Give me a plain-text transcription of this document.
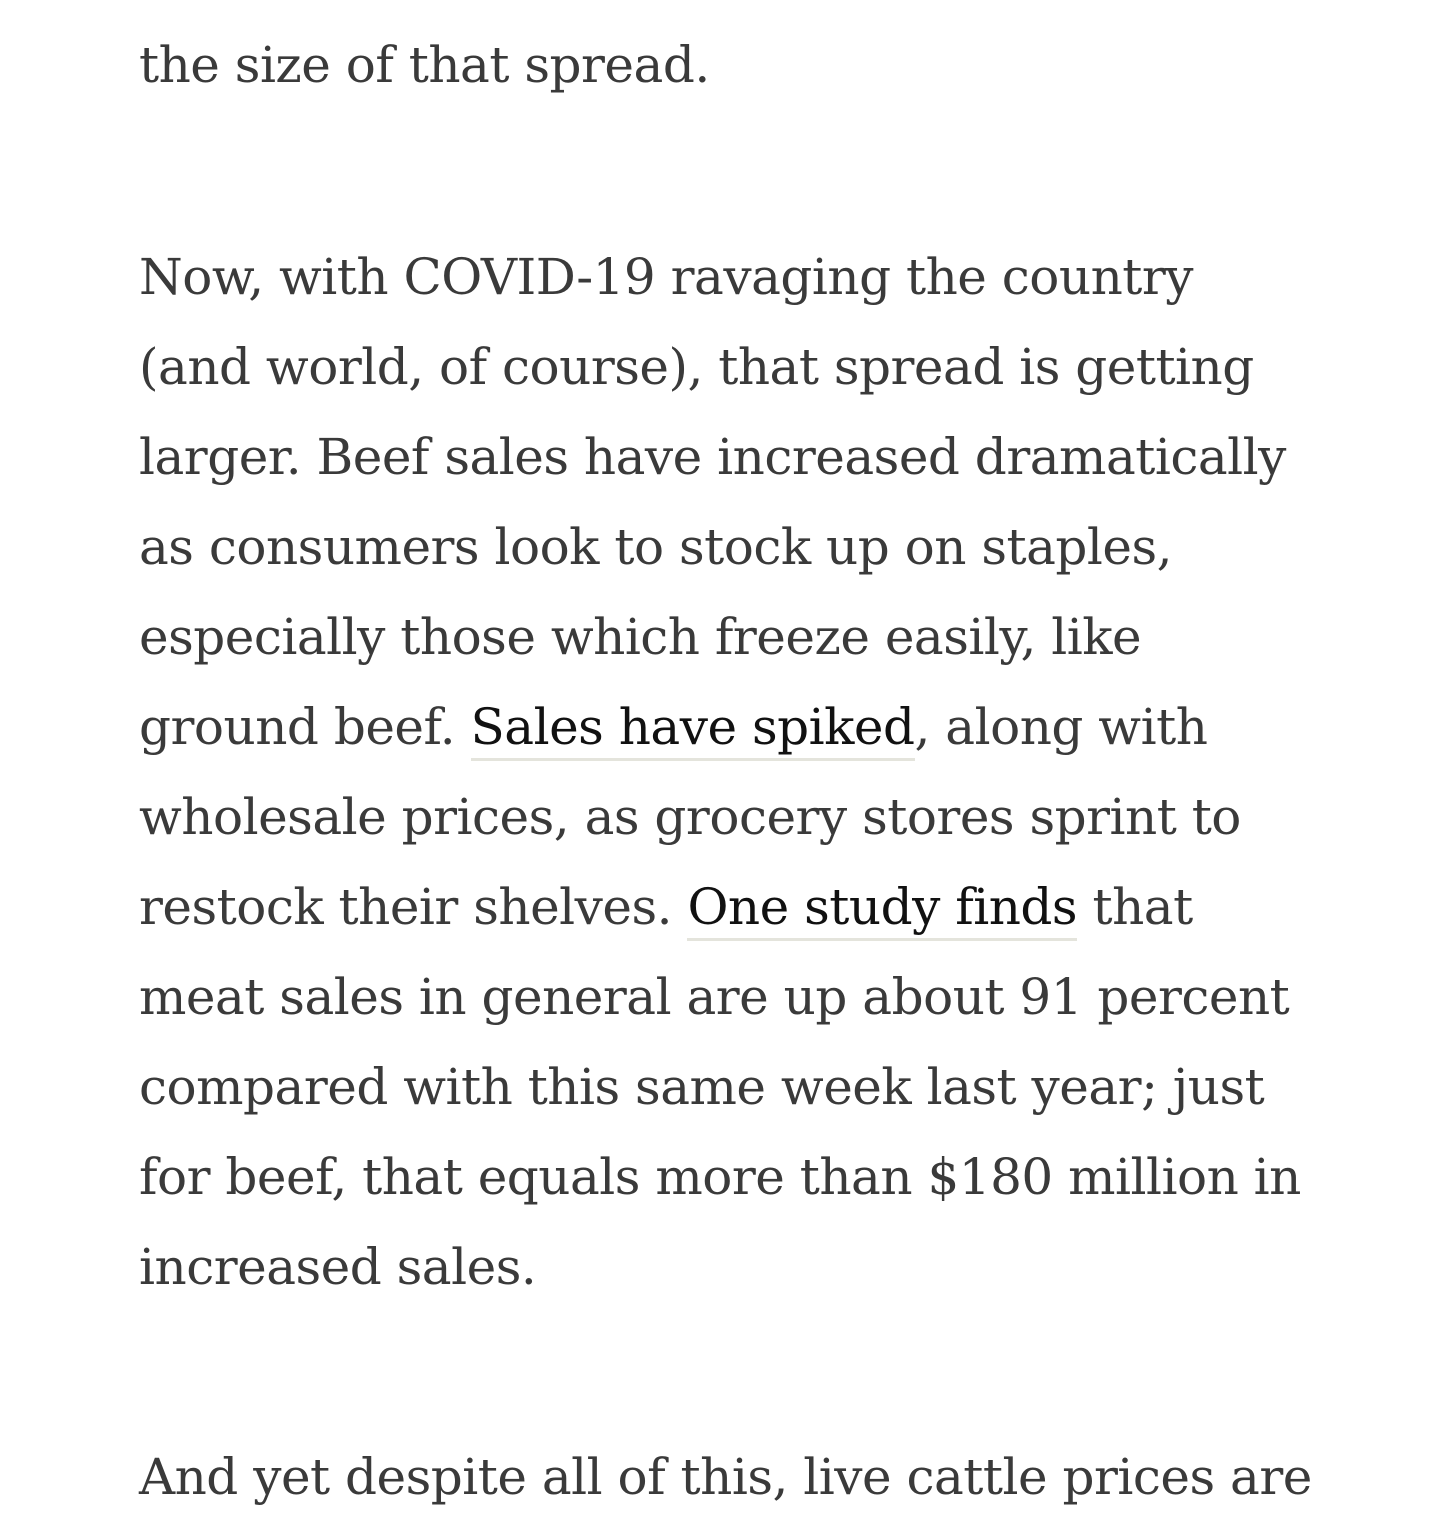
the size of that spread.
Now, with COVID-19 ravaging the country
(and world, of course), that spread is getting
larger. Beef sales have increased dramatically
as consumers look to stock up on staples,
especially those which freeze easily, like
ground beef. Sales have spiked, along with
wholesale prices, as grocery stores sprint to
restock their shelves. One study finds that
meat sales in general are up about 91 percent
compared with this same week last year; just
for beef, that equals more than $180 million in
increased sales.
And yet despite all of this, live cattle prices are
